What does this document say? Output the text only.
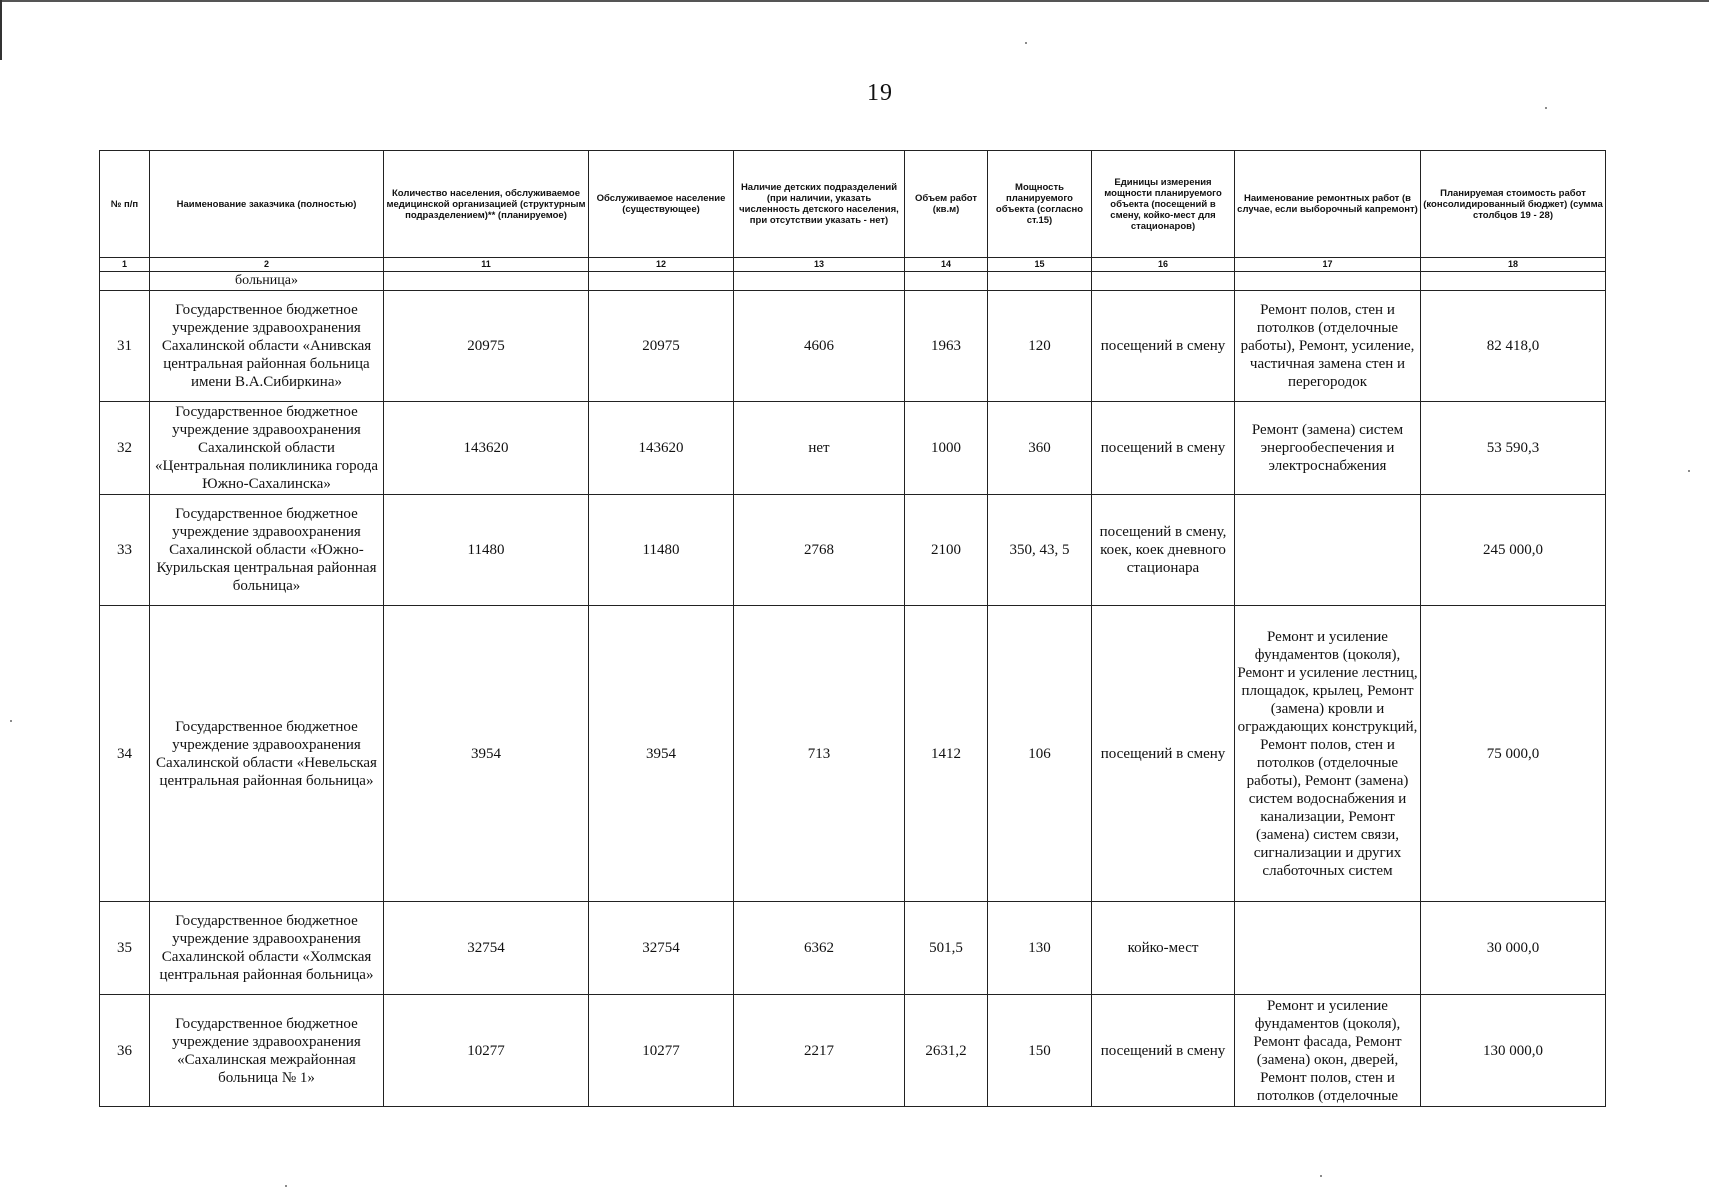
19
№ п/п	Наименование заказчика (полностью)	Количество населения, обслуживаемое медицинской организацией (структурным подразделением)** (планируемое)	Обслуживаемое население (существующее)	Наличие детских подразделений (при наличии, указать численность детского населения, при отсутствии указать - нет)	Объем работ (кв.м)	Мощность планируемого объекта (согласно ст.15)	Единицы измерения мощности планируемого объекта (посещений в смену, койко-мест для стационаров)	Наименование ремонтных работ (в случае, если выборочный капремонт)	Планируемая стоимость работ (консолидированный бюджет) (сумма столбцов 19 - 28)
1	2	11	12	13	14	15	16	17	18
	больница»								
31	Государственное бюджетное учреждение здравоохранения Сахалинской области «Анивская центральная районная больница имени В.А.Сибиркина»	20975	20975	4606	1963	120	посещений в смену	Ремонт полов, стен и потолков (отделочные работы), Ремонт, усиление, частичная замена стен и перегородок	82 418,0
32	Государственное бюджетное учреждение здравоохранения Сахалинской области «Центральная поликлиника города Южно-Сахалинска»	143620	143620	нет	1000	360	посещений в смену	Ремонт (замена) систем энергообеспечения и электроснабжения	53 590,3
33	Государственное бюджетное учреждение здравоохранения Сахалинской области «Южно-Курильская центральная районная больница»	11480	11480	2768	2100	350, 43, 5	посещений в смену, коек, коек дневного стационара		245 000,0
34	Государственное бюджетное учреждение здравоохранения Сахалинской области «Невельская центральная районная больница»	3954	3954	713	1412	106	посещений в смену	Ремонт и усиление фундаментов (цоколя), Ремонт и усиление лестниц, площадок, крылец, Ремонт (замена) кровли и ограждающих конструкций, Ремонт полов, стен и потолков (отделочные работы), Ремонт (замена) систем водоснабжения и канализации, Ремонт (замена) систем связи, сигнализации и других слаботочных систем	75 000,0
35	Государственное бюджетное учреждение здравоохранения Сахалинской области «Холмская центральная районная больница»	32754	32754	6362	501,5	130	койко-мест		30 000,0
36	Государственное бюджетное учреждение здравоохранения «Сахалинская межрайонная больница № 1»	10277	10277	2217	2631,2	150	посещений в смену	Ремонт и усиление фундаментов (цоколя), Ремонт фасада, Ремонт (замена) окон, дверей, Ремонт полов, стен и потолков (отделочные	130 000,0
